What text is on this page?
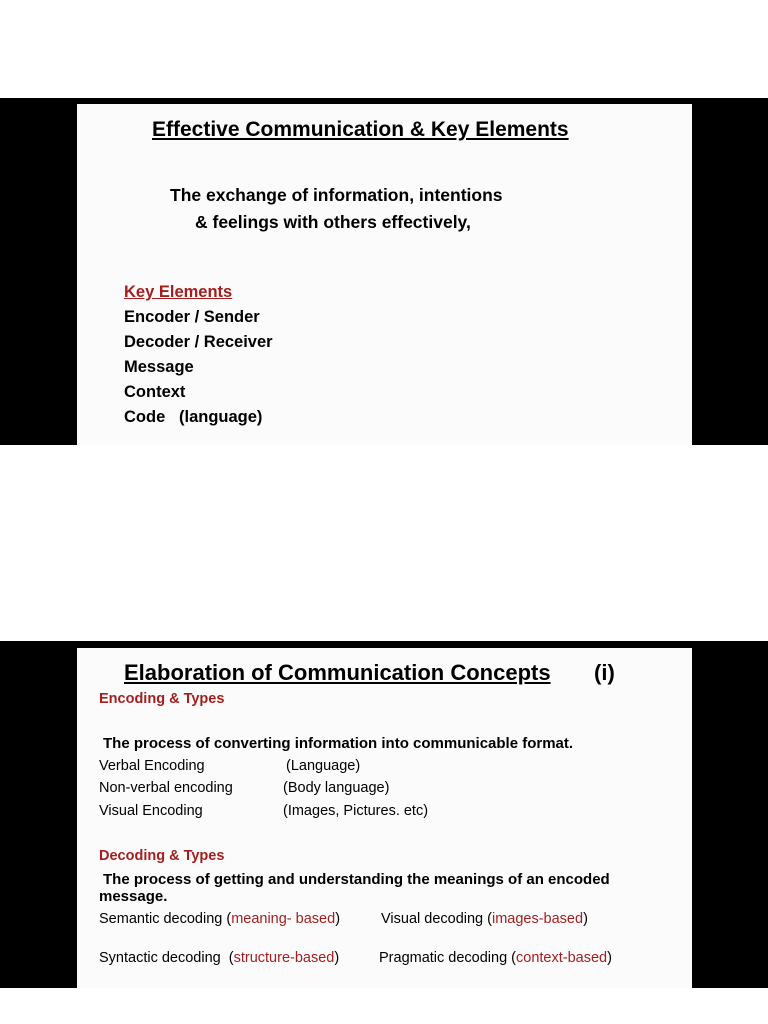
Effective Communication & Key Elements
The exchange of information, intentions
& feelings with others effectively,
Key Elements
Encoder / Sender
Decoder / Receiver
Message
Context
Code   (language)
Elaboration of Communication Concepts (i)
Encoding & Types
The process of converting information into communicable format.
Verbal Encoding	(Language)
Non-verbal encoding	(Body language)
Visual Encoding	(Images, Pictures. etc)
Decoding & Types
The process of getting and understanding the meanings of an encoded
message.
Semantic decoding (meaning- based)	Visual decoding (images-based)
Syntactic decoding  (structure-based)	Pragmatic decoding (context-based)
